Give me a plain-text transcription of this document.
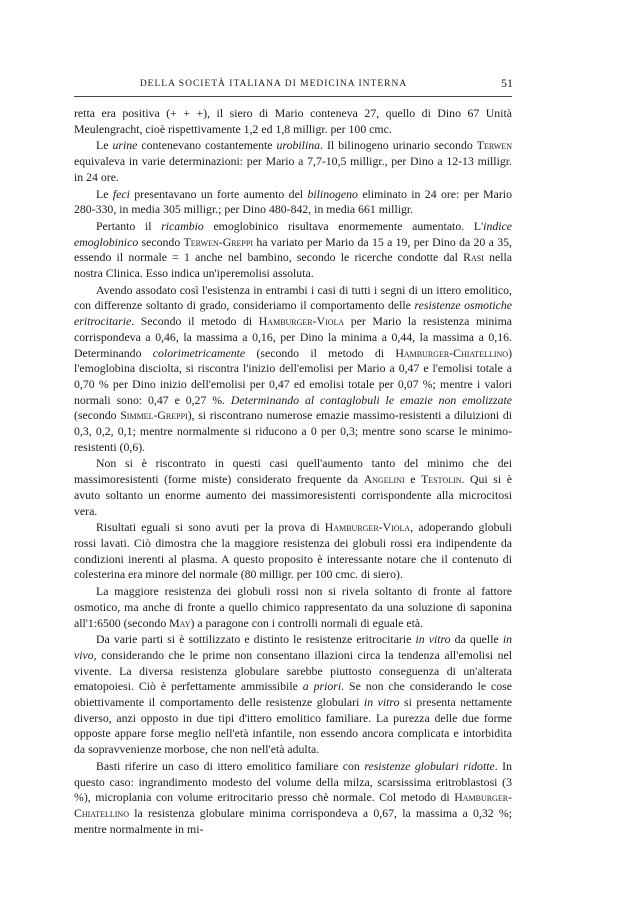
DELLA SOCIETÀ ITALIANA DI MEDICINA INTERNA	51

retta era positiva (+ + +), il siero di Mario conteneva 27, quello di Dino 67 Unità Meulengracht, cioè rispettivamente 1,2 ed 1,8 milligr. per 100 cmc.

Le urine contenevano costantemente urobilina. Il bilinogeno urinario secondo Terwen equivaleva in varie determinazioni: per Mario a 7,7-10,5 milligr., per Dino a 12-13 milligr. in 24 ore.

Le feci presentavano un forte aumento del bilinogeno eliminato in 24 ore: per Mario 280-330, in media 305 milligr.; per Dino 480-842, in media 661 milligr.

Pertanto il ricambio emoglobinico risultava enormemente aumentato. L'indice emoglobinico secondo Terwen-Greppi ha variato per Mario da 15 a 19, per Dino da 20 a 35, essendo il normale = 1 anche nel bambino, secondo le ricerche condotte dal Rasi nella nostra Clinica. Esso indica un'iperemolisi assoluta.

Avendo assodato così l'esistenza in entrambi i casi di tutti i segni di un ittero emolitico, con differenze soltanto di grado, consideriamo il comportamento delle resistenze osmotiche eritrocitarie. Secondo il metodo di Hamburger-Viola per Mario la resistenza minima corrispondeva a 0,46, la massima a 0,16, per Dino la minima a 0,44, la massima a 0,16. Determinando colorimetricamente (secondo il metodo di Hamburger-Chiatellino) l'emoglobina disciolta, si riscontra l'inizio dell'emolisi per Mario a 0,47 e l'emolisi totale a 0,70 % per Dino inizio dell'emolisi per 0,47 ed emolisi totale per 0,07 %; mentre i valori normali sono: 0,47 e 0,27 %. Determinando al contaglobuli le emazie non emolizzate (secondo Simmel-Greppi), si riscontrano numerose emazie massimo-resistenti a diluizioni di 0,3, 0,2, 0,1; mentre normalmente si riducono a 0 per 0,3; mentre sono scarse le minimo-resistenti (0,6).

Non si è riscontrato in questi casi quell'aumento tanto del minimo che dei massimoresistenti (forme miste) considerato frequente da Angelini e Testolin. Qui si è avuto soltanto un enorme aumento dei massimoresistenti corrispondente alla microcitosi vera.

Risultati eguali si sono avuti per la prova di Hamburger-Viola, adoperando globuli rossi lavati. Ciò dimostra che la maggiore resistenza dei globuli rossi era indipendente da condizioni inerenti al plasma. A questo proposito è interessante notare che il contenuto di colesterina era minore del normale (80 milligr. per 100 cmc. di siero).

La maggiore resistenza dei globuli rossi non si rivela soltanto di fronte al fattore osmotico, ma anche di fronte a quello chimico rappresentato da una soluzione di saponina all'1:6500 (secondo May) a paragone con i controlli normali di eguale età.

Da varie parti si è sottilizzato e distinto le resistenze eritrocitarie in vitro da quelle in vivo, considerando che le prime non consentano illazioni circa la tendenza all'emolisi nel vivente. La diversa resistenza globulare sarebbe piuttosto conseguenza di un'alterata ematopoiesi. Ciò è perfettamente ammissibile a priori. Se non che considerando le cose obiettivamente il comportamento delle resistenze globulari in vitro si presenta nettamente diverso, anzi opposto in due tipi d'ittero emolitico familiare. La purezza delle due forme opposte appare forse meglio nell'età infantile, non essendo ancora complicata e intorbidita da sopravvenienze morbose, che non nell'età adulta.

Basti riferire un caso di ittero emolitico familiare con resistenze globulari ridotte. In questo caso: ingrandimento modesto del volume della milza, scarsissima eritroblastosi (3 %), microplania con volume eritrocitario presso chè normale. Col metodo di Hamburger-Chiatellino la resistenza globulare minima corrispondeva a 0,67, la massima a 0,32 %; mentre normalmente in mi-
